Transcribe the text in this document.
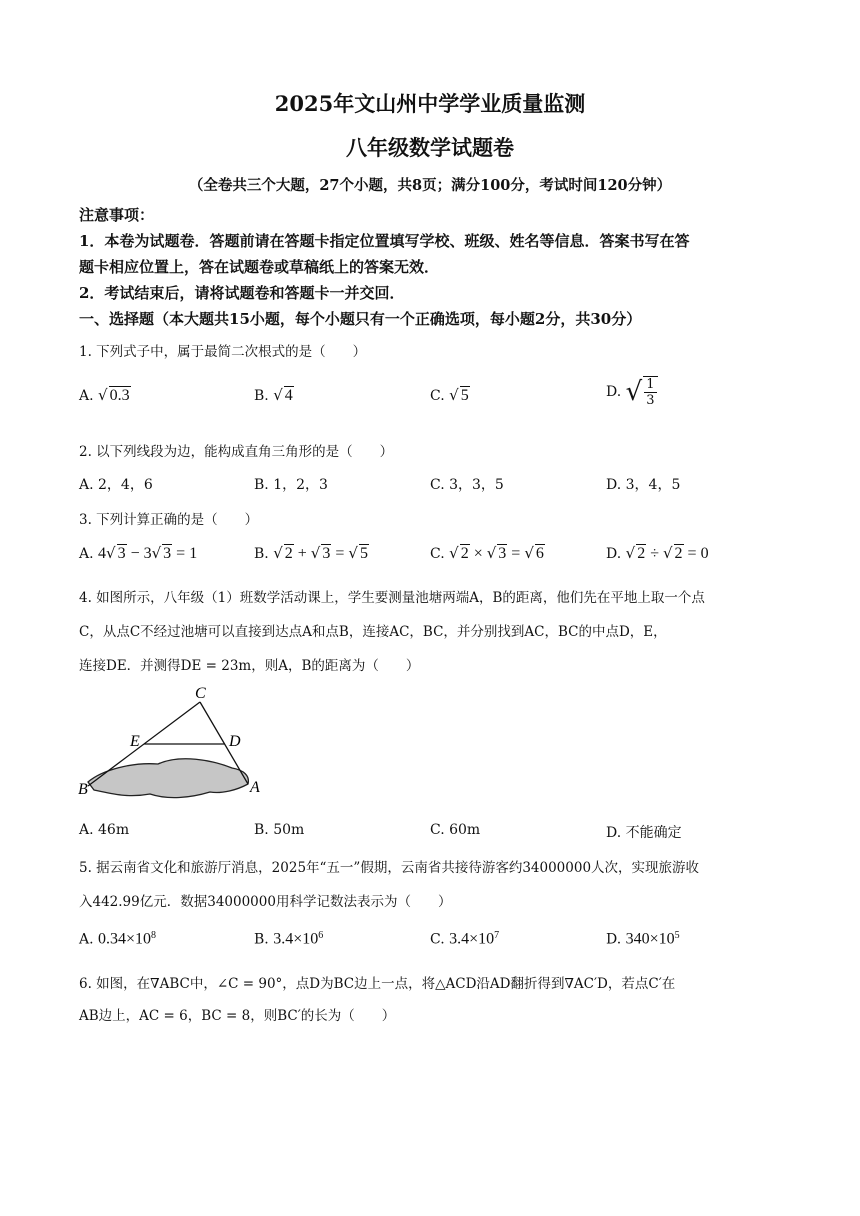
2025年文山州中学学业质量监测
八年级数学试题卷
（全卷共三个大题，27个小题，共8页；满分100分，考试时间120分钟）
注意事项：
1．本卷为试题卷．答题前请在答题卡指定位置填写学校、班级、姓名等信息．答案书写在答
题卡相应位置上，答在试题卷或草稿纸上的答案无效．
2．考试结束后，请将试题卷和答题卡一并交回．
一、选择题（本大题共15小题，每个小题只有一个正确选项，每小题2分，共30分）
1. 下列式子中，属于最简二次根式的是（　　）
A. √ 0.3	B. √ 4	C. √ 5	D. √ $\frac{1}{3}$
2. 以下列线段为边，能构成直角三角形的是（　　）
A. 2，4，6	B. 1，2，3	C. 3，3，5	D. 3，4，5
3. 下列计算正确的是（　　）
A. 4√ 3 − 3√ 3 = 1	B. √ 2 + √ 3 = √ 5	C. √ 2 × √ 3 = √ 6	D. √ 2 ÷ √ 2 = 0
4. 如图所示，八年级（1）班数学活动课上，学生要测量池塘两端A，B的距离，他们先在平地上取一个点
C，从点C不经过池塘可以直接到达点A和点B，连接AC，BC，并分别找到AC，BC的中点D，E，
连接DE．并测得DE = 23m，则A，B的距离为（　　）
C
E	D
B	A
A. 46m	B. 50m	C. 60m	D. 不能确定
5. 据云南省文化和旅游厅消息，2025年“五一”假期，云南省共接待游客约34000000人次，实现旅游收
入442.99亿元．数据34000000用科学记数法表示为（　　）
A. $0.34\times 10^8$	B. $3.4\times 10^6$	C. $3.4\times 10^7$	D. $340\times 10^5$
6. 如图，在∇ABC中，∠C = 90°，点D为BC边上一点，将△ACD沿AD翻折得到∇AC′D，若点C′在
AB边上，AC = 6，BC = 8，则BC′的长为（　　）
